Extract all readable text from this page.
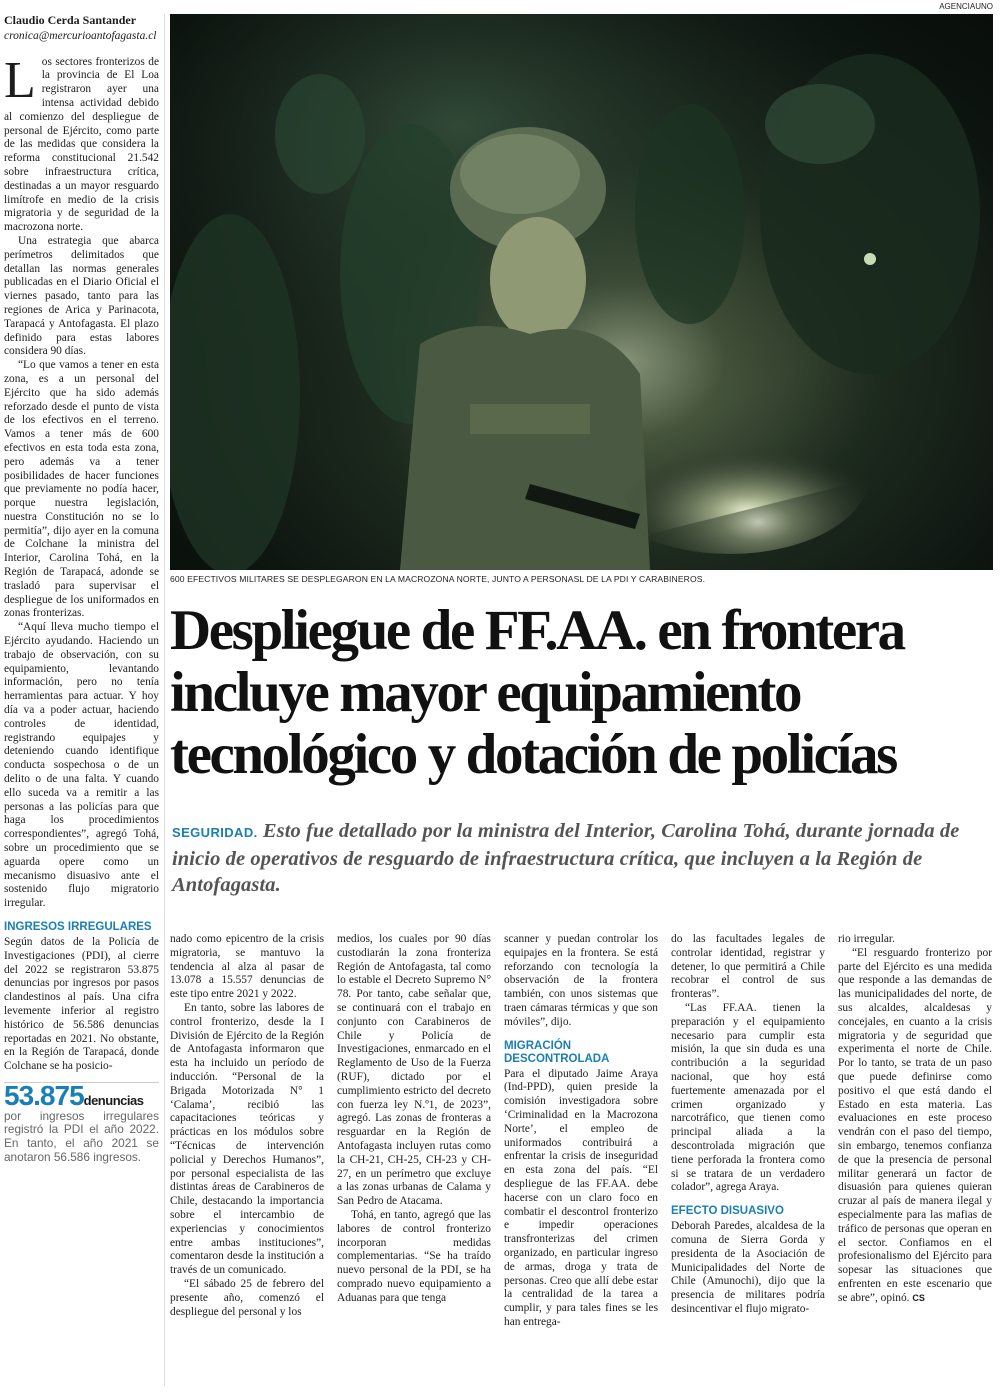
Claudio Cerda Santander
cronica@mercurioantofagasta.cl

Los sectores fronterizos de la provincia de El Loa registraron ayer una intensa actividad debido al comienzo del despliegue de personal de Ejército, como parte de las medidas que considera la reforma constitucional 21.542 sobre infraestructura crítica, destinadas a un mayor resguardo limítrofe en medio de la crisis migratoria y de seguridad de la macrozona norte.

Una estrategia que abarca perímetros delimitados que detallan las normas generales publicadas en el Diario Oficial el viernes pasado, tanto para las regiones de Arica y Parinacota, Tarapacá y Antofagasta. El plazo definido para estas labores considera 90 días.

“Lo que vamos a tener en esta zona, es a un personal del Ejército que ha sido además reforzado desde el punto de vista de los efectivos en el terreno. Vamos a tener más de 600 efectivos en esta toda esta zona, pero además va a tener posibilidades de hacer funciones que previamente no podía hacer, porque nuestra legislación, nuestra Constitución no se lo permitía”, dijo ayer en la comuna de Colchane la ministra del Interior, Carolina Tohá, en la Región de Tarapacá, adonde se trasladó para supervisar el despliegue de los uniformados en zonas fronterizas.

“Aquí lleva mucho tiempo el Ejército ayudando. Haciendo un trabajo de observación, con su equipamiento, levantando información, pero no tenía herramientas para actuar. Y hoy día va a poder actuar, haciendo controles de identidad, registrando equipajes y deteniendo cuando identifique conducta sospechosa o de un delito o de una falta. Y cuando ello suceda va a remitir a las personas a las policías para que haga los procedimientos correspondientes”, agregó Tohá, sobre un procedimiento que se aguarda opere como un mecanismo disuasivo ante el sostenido flujo migratorio irregular.

INGRESOS IRREGULARES

Según datos de la Policía de Investigaciones (PDI), al cierre del 2022 se registraron 53.875 denuncias por ingresos por pasos clandestinos al país. Una cifra levemente inferior al registro histórico de 56.586 denuncias reportadas en 2021. No obstante, en la Región de Tarapacá, donde Colchane se ha posicio-

53.875denuncias
por ingresos irregulares registró la PDI el año 2022. En tanto, el año 2021 se anotaron 56.586 ingresos.
AGENCIAUNO
600 EFECTIVOS MILITARES SE DESPLEGARON EN LA MACROZONA NORTE, JUNTO A PERSONASL DE LA PDI Y CARABINEROS.
Despliegue de FF.AA. en frontera incluye mayor equipamiento tecnológico y dotación de policías
SEGURIDAD. Esto fue detallado por la ministra del Interior, Carolina Tohá, durante jornada de inicio de operativos de resguardo de infraestructura crítica, que incluyen a la Región de Antofagasta.

nado como epicentro de la crisis migratoria, se mantuvo la tendencia al alza al pasar de 13.078 a 15.557 denuncias de este tipo entre 2021 y 2022.

En tanto, sobre las labores de control fronterizo, desde la I División de Ejército de la Región de Antofagasta informaron que esta ha incluido un período de inducción. “Personal de la Brigada Motorizada N° 1 ‘Calama’, recibió las capacitaciones teóricas y prácticas en los módulos sobre “Técnicas de intervención policial y Derechos Humanos”, por personal especialista de las distintas áreas de Carabineros de Chile, destacando la importancia sobre el intercambio de experiencias y conocimientos entre ambas instituciones”, comentaron desde la institución a través de un comunicado.

“El sábado 25 de febrero del presente año, comenzó el despliegue del personal y los

medios, los cuales por 90 días custodiarán la zona fronteriza Región de Antofagasta, tal como lo estable el Decreto Supremo N° 78. Por tanto, cabe señalar que, se continuará con el trabajo en conjunto con Carabineros de Chile y Policía de Investigaciones, enmarcado en el Reglamento de Uso de la Fuerza (RUF), dictado por el cumplimiento estricto del decreto con fuerza ley N.º1, de 2023”, agregó. Las zonas de fronteras a resguardar en la Región de Antofagasta incluyen rutas como la CH-21, CH-25, CH-23 y CH-27, en un perímetro que excluye a las zonas urbanas de Calama y San Pedro de Atacama.

Tohá, en tanto, agregó que las labores de control fronterizo incorporan medidas complementarias. “Se ha traído nuevo personal de la PDI, se ha comprado nuevo equipamiento a Aduanas para que tenga

scanner y puedan controlar los equipajes en la frontera. Se está reforzando con tecnología la observación de la frontera también, con unos sistemas que traen cámaras térmicas y que son móviles”, dijo.

MIGRACIÓN DESCONTROLADA

Para el diputado Jaime Araya (Ind-PPD), quien preside la comisión investigadora sobre ‘Criminalidad en la Macrozona Norte’, el empleo de uniformados contribuirá a enfrentar la crisis de inseguridad en esta zona del país. “El despliegue de las FF.AA. debe hacerse con un claro foco en combatir el descontrol fronterizo e impedir operaciones transfronterizas del crimen organizado, en particular ingreso de armas, droga y trata de personas. Creo que allí debe estar la centralidad de la tarea a cumplir, y para tales fines se les han entrega-

do las facultades legales de controlar identidad, registrar y detener, lo que permitirá a Chile recobrar el control de sus fronteras”.

“Las FF.AA. tienen la preparación y el equipamiento necesario para cumplir esta misión, la que sin duda es una contribución a la seguridad nacional, que hoy está fuertemente amenazada por el crimen organizado y narcotráfico, que tienen como principal aliada a la descontrolada migración que tiene perforada la frontera como si se tratara de un verdadero colador”, agrega Araya.

EFECTO DISUASIVO

Deborah Paredes, alcaldesa de la comuna de Sierra Gorda y presidenta de la Asociación de Municipalidades del Norte de Chile (Amunochi), dijo que la presencia de militares podría desincentivar el flujo migrato-

rio irregular.

“El resguardo fronterizo por parte del Ejército es una medida que responde a las demandas de las municipalidades del norte, de sus alcaldes, alcaldesas y concejales, en cuanto a la crisis migratoria y de seguridad que experimenta el norte de Chile. Por lo tanto, se trata de un paso que puede definirse como positivo el que está dando el Estado en esta materia. Las evaluaciones en este proceso vendrán con el paso del tiempo, sin embargo, tenemos confianza de que la presencia de personal militar generará un factor de disuasión para quienes quieran cruzar al país de manera ilegal y especialmente para las mafias de tráfico de personas que operan en el sector. Confiamos en el profesionalismo del Ejército para sopesar las situaciones que enfrenten en este escenario que se abre”, opinó. CS
